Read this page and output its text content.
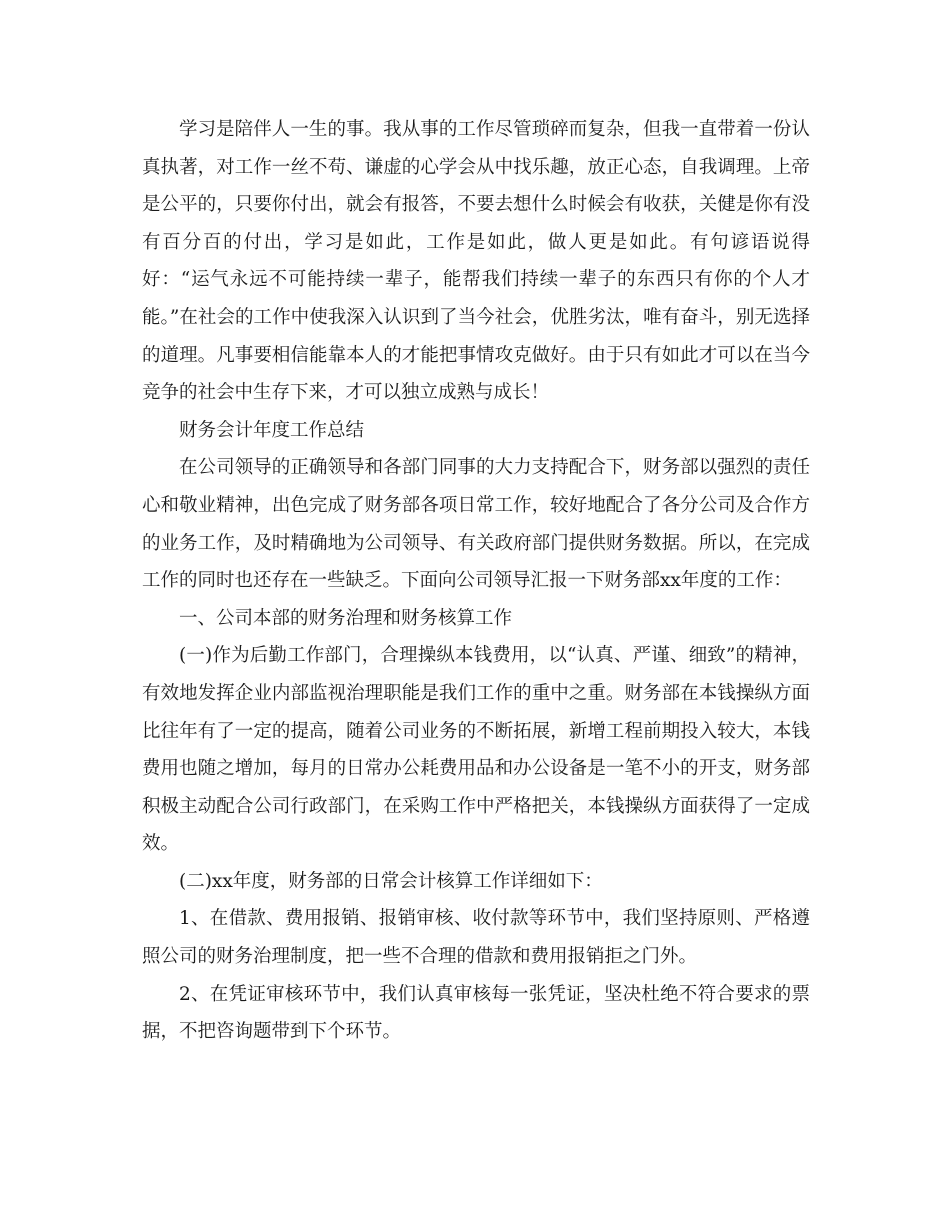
学习是陪伴人一生的事。我从事的工作尽管琐碎而复杂，但我一直带着一份认真执著，对工作一丝不苟、谦虚的心学会从中找乐趣，放正心态，自我调理。上帝是公平的，只要你付出，就会有报答，不要去想什么时候会有收获，关健是你有没有百分百的付出，学习是如此，工作是如此，做人更是如此。有句谚语说得好：“运气永远不可能持续一辈子，能帮我们持续一辈子的东西只有你的个人才能。”在社会的工作中使我深入认识到了当今社会，优胜劣汰，唯有奋斗，别无选择的道理。凡事要相信能靠本人的才能把事情攻克做好。由于只有如此才可以在当今竞争的社会中生存下来，才可以独立成熟与成长！

财务会计年度工作总结

在公司领导的正确领导和各部门同事的大力支持配合下，财务部以强烈的责任心和敬业精神，出色完成了财务部各项日常工作，较好地配合了各分公司及合作方的业务工作，及时精确地为公司领导、有关政府部门提供财务数据。所以，在完成工作的同时也还存在一些缺乏。下面向公司领导汇报一下财务部xx年度的工作：

一、公司本部的财务治理和财务核算工作

(一)作为后勤工作部门，合理操纵本钱费用，以“认真、严谨、细致”的精神，有效地发挥企业内部监视治理职能是我们工作的重中之重。财务部在本钱操纵方面比往年有了一定的提高，随着公司业务的不断拓展，新增工程前期投入较大，本钱费用也随之增加，每月的日常办公耗费用品和办公设备是一笔不小的开支，财务部积极主动配合公司行政部门，在采购工作中严格把关，本钱操纵方面获得了一定成效。

(二)xx年度，财务部的日常会计核算工作详细如下：

1、在借款、费用报销、报销审核、收付款等环节中，我们坚持原则、严格遵照公司的财务治理制度，把一些不合理的借款和费用报销拒之门外。

2、在凭证审核环节中，我们认真审核每一张凭证，坚决杜绝不符合要求的票据，不把咨询题带到下个环节。
